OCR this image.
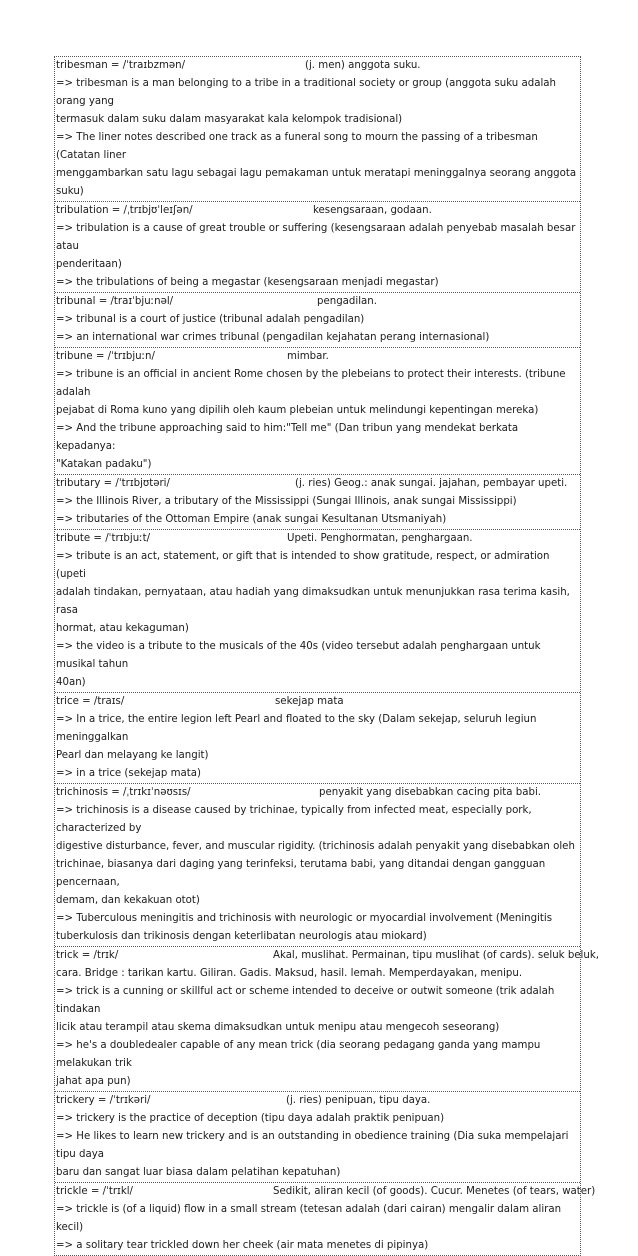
tribesman = /ˈtraɪbzmən/	(j. men) anggota suku.
=> tribesman is a man belonging to a tribe in a traditional society or group (anggota suku adalah orang yang
termasuk dalam suku dalam masyarakat kala kelompok tradisional)
=> The liner notes described one track as a funeral song to mourn the passing of a tribesman (Catatan liner
menggambarkan satu lagu sebagai lagu pemakaman untuk meratapi meninggalnya seorang anggota suku)
tribulation = /ˌtrɪbjʊˈleɪʃən/	kesengsaraan, godaan.
=> tribulation is a cause of great trouble or suffering (kesengsaraan adalah penyebab masalah besar atau
penderitaan)
=> the tribulations of being a megastar (kesengsaraan menjadi megastar)
tribunal = /traɪˈbjuːnəl/	pengadilan.
=> tribunal is a court of justice (tribunal adalah pengadilan)
=> an international war crimes tribunal (pengadilan kejahatan perang internasional)
tribune = /ˈtrɪbjuːn/	mimbar.
=> tribune is an official in ancient Rome chosen by the plebeians to protect their interests. (tribune adalah
pejabat di Roma kuno yang dipilih oleh kaum plebeian untuk melindungi kepentingan mereka)
=> And the tribune approaching said to him:"Tell me" (Dan tribun yang mendekat berkata kepadanya:
"Katakan padaku")
tributary = /ˈtrɪbjʊtəri/	(j. ries) Geog.: anak sungai. jajahan, pembayar upeti.
=> the Illinois River, a tributary of the Mississippi (Sungai Illinois, anak sungai Mississippi)
=> tributaries of the Ottoman Empire (anak sungai Kesultanan Utsmaniyah)
tribute = /ˈtrɪbjuːt/	Upeti. Penghormatan, penghargaan.
=> tribute is an act, statement, or gift that is intended to show gratitude, respect, or admiration (upeti
adalah tindakan, pernyataan, atau hadiah yang dimaksudkan untuk menunjukkan rasa terima kasih, rasa
hormat, atau kekaguman)
=> the video is a tribute to the musicals of the 40s (video tersebut adalah penghargaan untuk musikal tahun
40an)
trice = /traɪs/	sekejap mata
=> In a trice, the entire legion left Pearl and floated to the sky (Dalam sekejap, seluruh legiun meninggalkan
Pearl dan melayang ke langit)
=> in a trice (sekejap mata)
trichinosis = /ˌtrɪkɪˈnəʊsɪs/	penyakit yang disebabkan cacing pita babi.
=> trichinosis is a disease caused by trichinae, typically from infected meat, especially pork, characterized by
digestive disturbance, fever, and muscular rigidity. (trichinosis adalah penyakit yang disebabkan oleh
trichinae, biasanya dari daging yang terinfeksi, terutama babi, yang ditandai dengan gangguan pencernaan,
demam, dan kekakuan otot)
=> Tuberculous meningitis and trichinosis with neurologic or myocardial involvement (Meningitis
tuberkulosis dan trikinosis dengan keterlibatan neurologis atau miokard)
trick = /trɪk/	Akal, muslihat. Permainan, tipu muslihat (of cards). seluk beluk,
cara. Bridge : tarikan kartu. Giliran. Gadis. Maksud, hasil. lemah. Memperdayakan, menipu.
=> trick is a cunning or skillful act or scheme intended to deceive or outwit someone (trik adalah tindakan
licik atau terampil atau skema dimaksudkan untuk menipu atau mengecoh seseorang)
=> he's a doubledealer capable of any mean trick (dia seorang pedagang ganda yang mampu melakukan trik
jahat apa pun)
trickery = /ˈtrɪkəri/	(j. ries) penipuan, tipu daya.
=> trickery is the practice of deception (tipu daya adalah praktik penipuan)
=> He likes to learn new trickery and is an outstanding in obedience training (Dia suka mempelajari tipu daya
baru dan sangat luar biasa dalam pelatihan kepatuhan)
trickle = /ˈtrɪkl/	Sedikit, aliran kecil (of goods). Cucur. Menetes (of tears, water)
=> trickle is (of a liquid) flow in a small stream (tetesan adalah (dari cairan) mengalir dalam aliran kecil)
=> a solitary tear trickled down her cheek (air mata menetes di pipinya)
